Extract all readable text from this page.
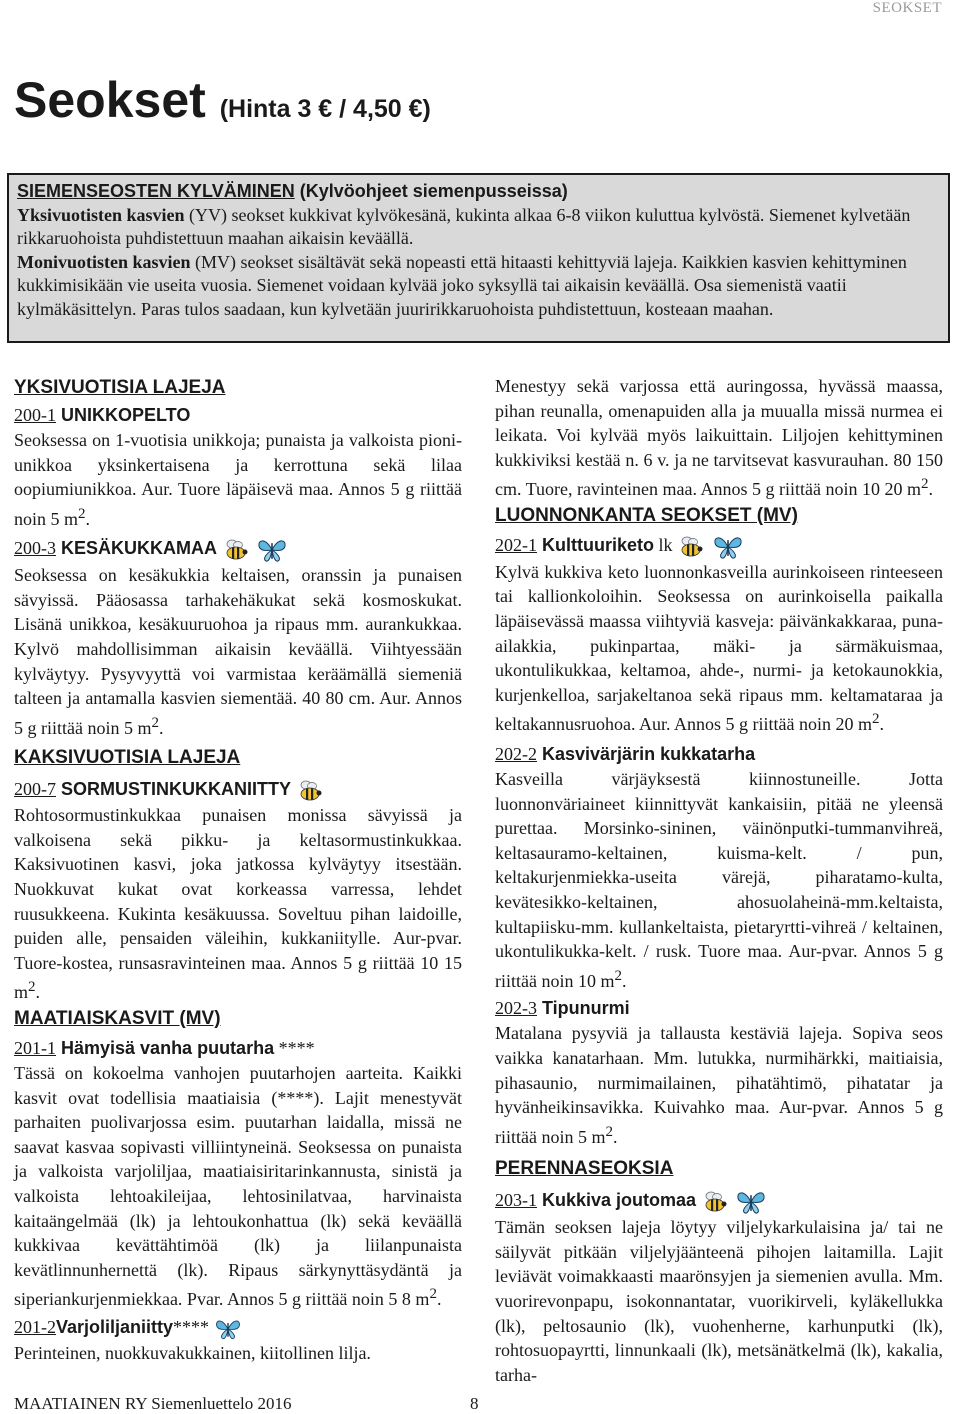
SEOKSET
Seokset (Hinta 3 € / 4,50 €)
SIEMENSEOSTEN KYLVÄMINEN (Kylvöohjeet siemenpusseissa)
Yksivuotisten kasvien (YV) seokset kukkivat kylvökesänä, kukinta alkaa 6-8 viikon kuluttua kylvöstä. Siemenet kylvetään rikkaruohoista puhdistettuun maahan aikaisin keväällä.
Monivuotisten kasvien (MV) seokset sisältävät sekä nopeasti että hitaasti kehittyviä lajeja. Kaikkien kasvien kehittyminen kukkimisikään vie useita vuosia. Siemenet voidaan kylvää joko syksyllä tai aikaisin keväällä. Osa siemenistä vaatii kylmäkäsittelyn. Paras tulos saadaan, kun kylvetään juuririkkaruohoista puhdistettuun, kosteaan maahan.
YKSIVUOTISIA LAJEJA
200-1 UNIKKOPELTO

Seoksessa on 1-vuotisia unikkoja; punaista ja valkoista pioni-unikkoa yksinkertaisena ja kerrottuna sekä lilaa oopiumiunikkoa. Aur. Tuore läpäisevä maa. Annos 5 g riittää noin 5 $m^2$.

200-3 KESÄKUKKAMAA

Seoksessa on kesäkukkia keltaisen, oranssin ja punaisen sävyissä. Pääosassa tarhakehäkukat sekä kosmoskukat. Lisänä unikkoa, kesäkuuruohoa ja ripaus mm. aurankukkaa. Kylvö mahdollisimman aikaisin keväällä. Viihtyessään kylväytyy. Pysyvyyttä voi varmistaa keräämällä siemeniä talteen ja antamalla kasvien siementää. 40 80 cm. Aur. Annos 5 g riittää noin 5 $m^2$.

KAKSIVUOTISIA LAJEJA
200-7 SORMUSTINKUKKANIITTY

Rohtosormustinkukkaa punaisen monissa sävyissä ja valkoisena sekä pikku- ja keltasormustinkukkaa. Kaksivuotinen kasvi, joka jatkossa kylväytyy itsestään. Nuokkuvat kukat ovat korkeassa varressa, lehdet ruusukkeena. Kukinta kesäkuussa. Soveltuu pihan laidoille, puiden alle, pensaiden väleihin, kukkaniitylle. Aur-pvar. Tuore-kostea, runsasravinteinen maa. Annos 5 g riittää 10 15 $m^2$.

MAATIAISKASVIT (MV)
201-1 Hämyisä vanha puutarha ****

Tässä on kokoelma vanhojen puutarhojen aarteita. Kaikki kasvit ovat todellisia maatiaisia (****). Lajit menestyvät parhaiten puolivarjossa esim. puutarhan laidalla, missä ne saavat kasvaa sopivasti villiintyneinä. Seoksessa on punaista ja valkoista varjoliljaa, maatiaisiritarinkannusta, sinistä ja valkoista lehtoakileijaa, lehtosinilatvaa, harvinaista kaitaängelmää (lk) ja lehtoukonhattua (lk) sekä keväällä kukkivaa kevättähtimöä (lk) ja liilanpunaista kevätlinnunhernettä (lk). Ripaus särkynyttäsydäntä ja siperiankurjenmiekkaa. Pvar. Annos 5 g riittää noin 5 8 $m^2$.

201-2Varjoliljaniitty****

Perinteinen, nuokkuvakukkainen, kiitollinen lilja.

Menestyy sekä varjossa että auringossa, hyvässä maassa, pihan reunalla, omenapuiden alla ja muualla missä nurmea ei leikata. Voi kylvää myös laikuittain. Liljojen kehittyminen kukkiviksi kestää n. 6 v. ja ne tarvitsevat kasvurauhan. 80 150 cm. Tuore, ravinteinen maa. Annos 5 g riittää noin 10 20 $m^2$.

LUONNONKANTA SEOKSET (MV)
202-1 Kulttuuriketo lk

Kylvä kukkiva keto luonnonkasveilla aurinkoiseen rinteeseen tai kallionkoloihin. Seoksessa on aurinkoisella paikalla läpäisevässä maassa viihtyviä kasveja: päivänkakkaraa, puna-ailakkia, pukinpartaa, mäki- ja särmäkuismaa, ukontulikukkaa, keltamoa, ahde-, nurmi- ja ketokaunokkia, kurjenkelloa, sarjakeltanoa sekä ripaus mm. keltamataraa ja keltakannusruohoa. Aur. Annos 5 g riittää noin 20 $m^2$.

202-2 Kasvivärjärin kukkatarha

Kasveilla värjäyksestä kiinnostuneille. Jotta luonnonväriaineet kiinnittyvät kankaisiin, pitää ne yleensä purettaa. Morsinko-sininen, väinönputki-tummanvihreä, keltasauramo-keltainen, kuisma-kelt. / pun, keltakurjenmiekka-useita värejä, piharatamo-kulta, kevätesikko-keltainen, ahosuolaheinä-mm.keltaista, kultapiisku-mm. kullankeltaista, pietaryrtti-vihreä / keltainen, ukontulikukka-kelt. / rusk. Tuore maa. Aur-pvar. Annos 5 g riittää noin 10 $m^2$.

202-3 Tipunurmi

Matalana pysyviä ja tallausta kestäviä lajeja. Sopiva seos vaikka kanatarhaan. Mm. lutukka, nurmihärkki, maitiaisia, pihasaunio, nurmimailainen, pihatähtimö, pihatatar ja hyvänheikinsavikka. Kuivahko maa. Aur-pvar. Annos 5 g riittää noin 5 $m^2$.

PERENNASEOKSIA
203-1 Kukkiva joutomaa

Tämän seoksen lajeja löytyy viljelykarkulaisina ja/ tai ne säilyvät pitkään viljelyjäänteenä pihojen laitamilla. Lajit leviävät voimakkaasti maarönsyjen ja siemenien avulla. Mm. vuorirevonpapu, isokonnantatar, vuorikirveli, kyläkellukka (lk), peltosaunio (lk), vuohenherne, karhunputki (lk), rohtosuopayrtti, linnunkaali (lk), metsänätkelmä (lk), kakalia, tarha-

MAATIAINEN RY Siemenluettelo 2016	8
